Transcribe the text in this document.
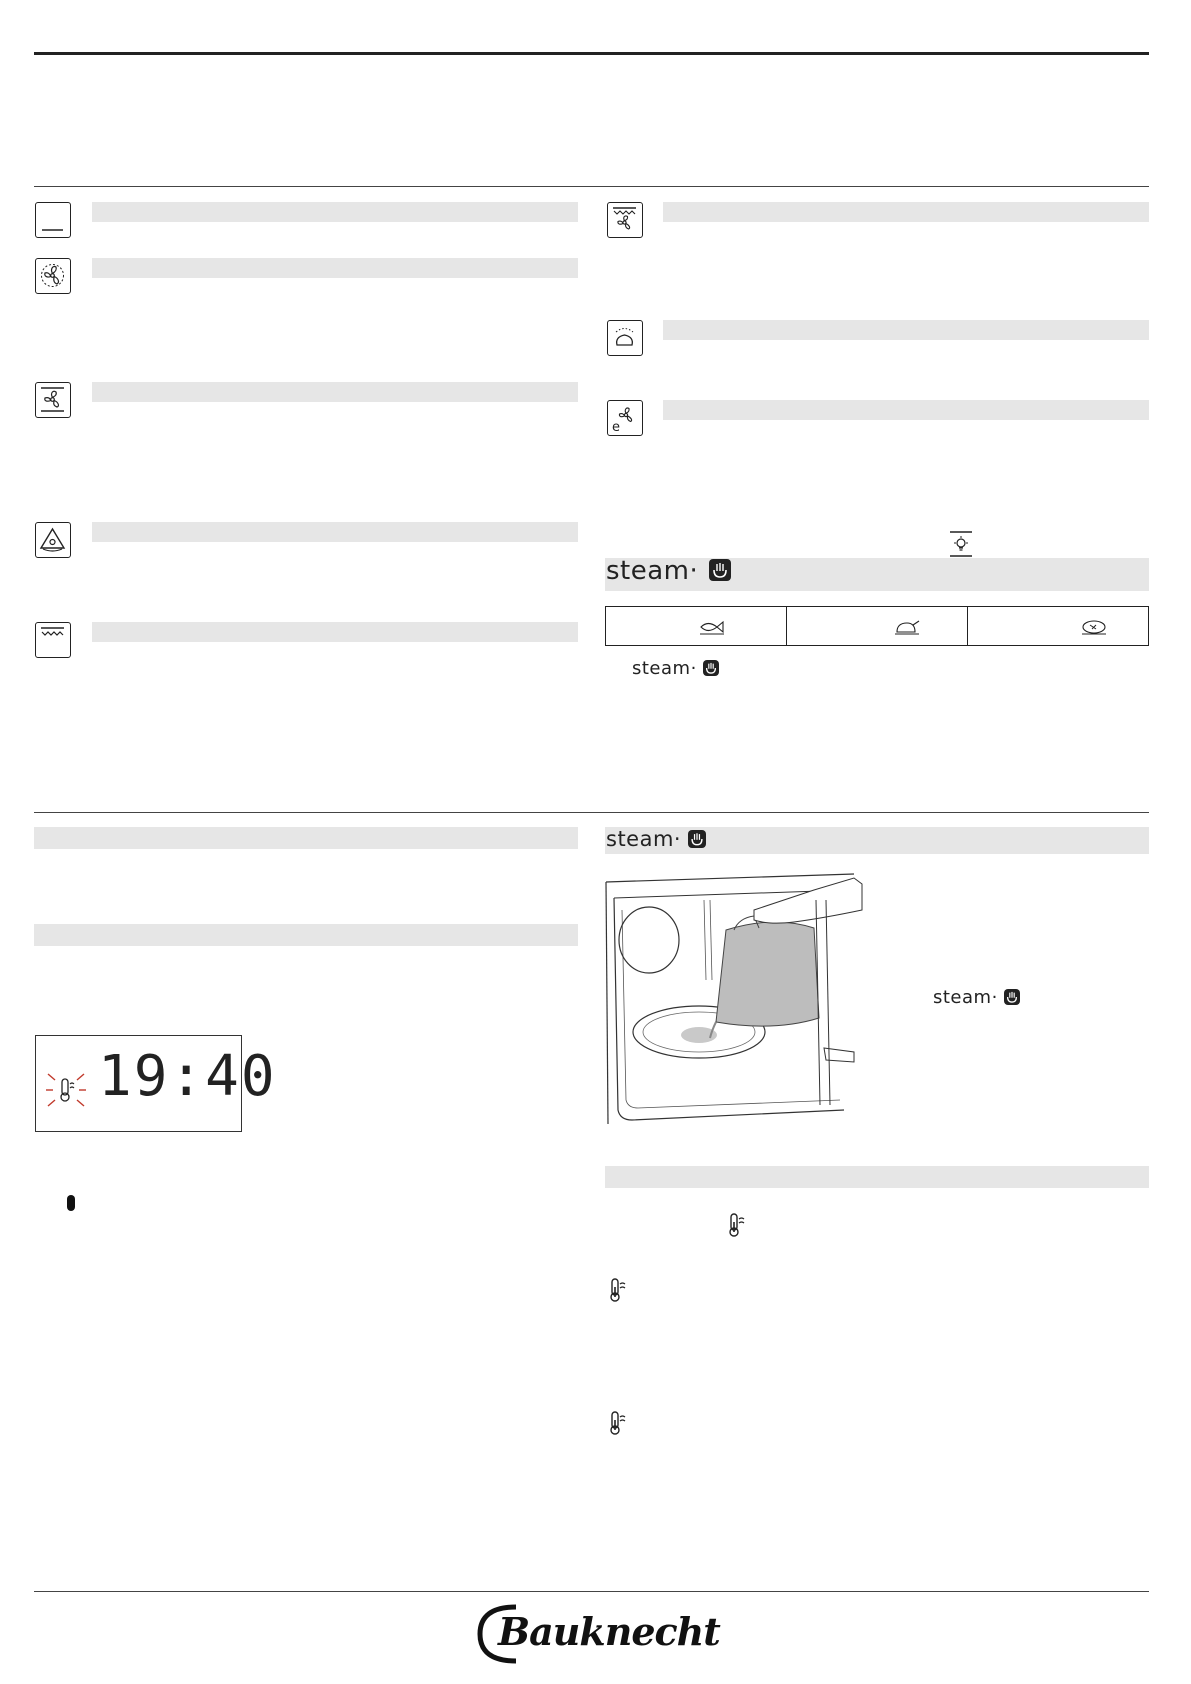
e
steam·
steam·
19:40
steam·
steam·
Bauknecht
